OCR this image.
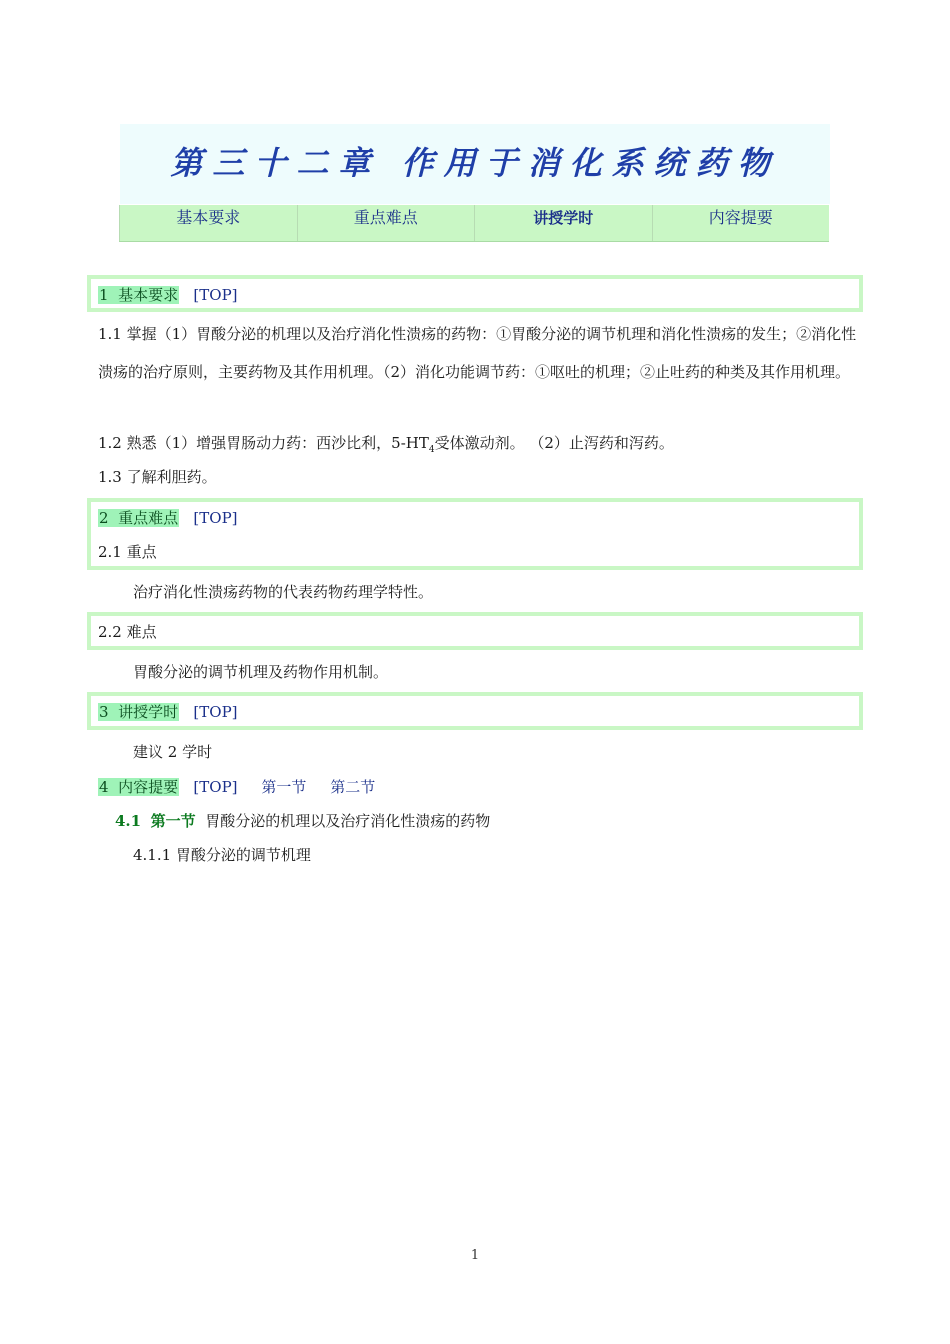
第三十二章 作用于消化系统药物
基本要求	重点难点	讲授学时	内容提要
1 基本要求 [TOP]
1.1 掌握（1）胃酸分泌的机理以及治疗消化性溃疡的药物：①胃酸分泌的调节机理和消化性溃疡的发生；②消化性溃疡的治疗原则，主要药物及其作用机理。（2）消化功能调节药：①呕吐的机理；②止吐药的种类及其作用机理。
1.2 熟悉（1）增强胃肠动力药：西沙比利，$5-HT_4$受体激动剂。 （2）止泻药和泻药。
1.3 了解利胆药。
2 重点难点 [TOP]
2.1 重点
治疗消化性溃疡药物的代表药物药理学特性。
2.2 难点
胃酸分泌的调节机理及药物作用机制。
3 讲授学时 [TOP]
建议 2 学时
4 内容提要 [TOP] 第一节 第二节
4.1 第一节 胃酸分泌的机理以及治疗消化性溃疡的药物
4.1.1 胃酸分泌的调节机理
1
